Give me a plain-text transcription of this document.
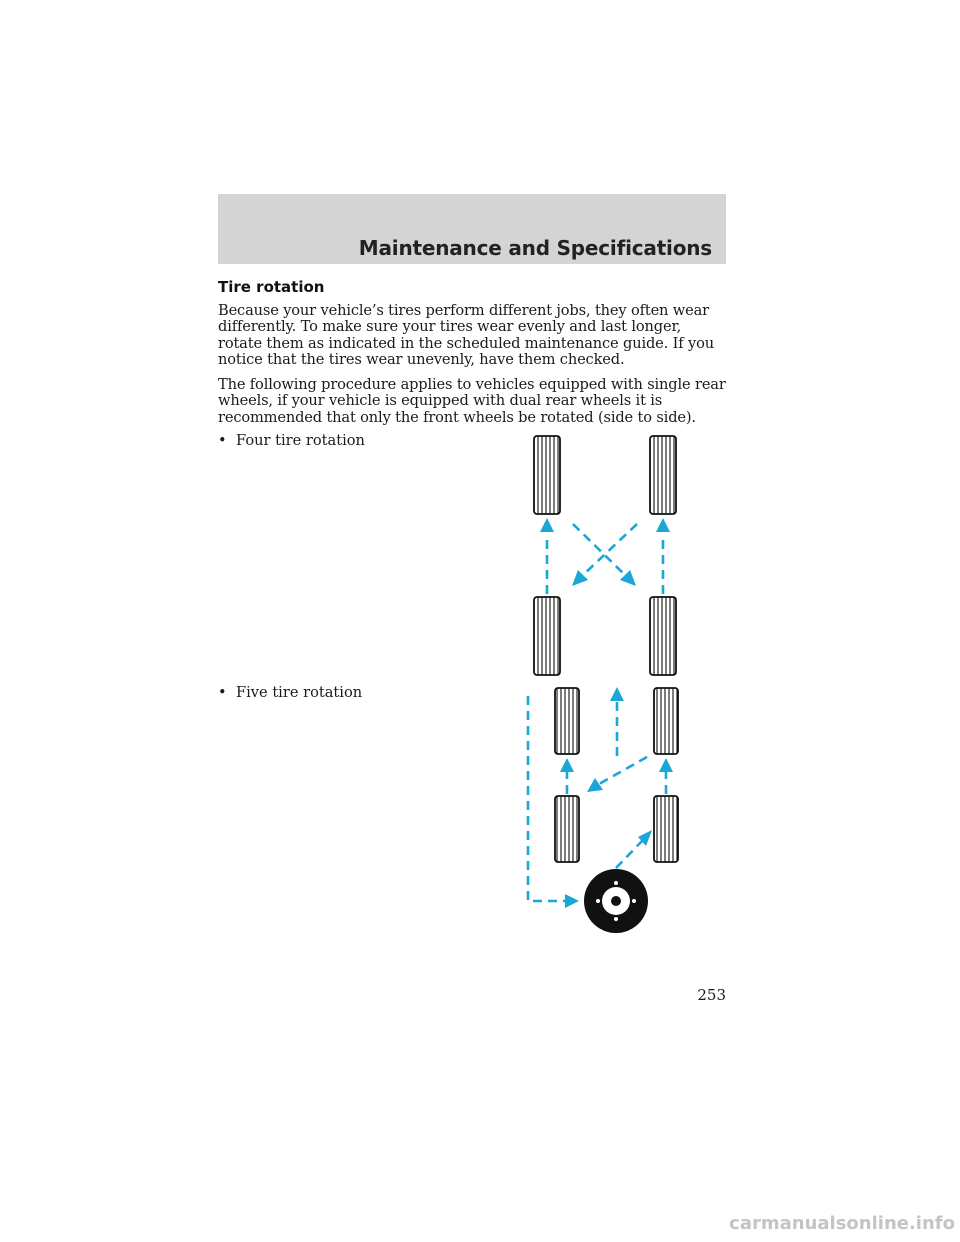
Maintenance and Specifications
Tire rotation
Because your vehicle’s tires perform different jobs, they often wear differently. To make sure your tires wear evenly and last longer, rotate them as indicated in the scheduled maintenance guide. If you notice that the tires wear unevenly, have them checked.
The following procedure applies to vehicles equipped with single rear wheels, if your vehicle is equipped with dual rear wheels it is recommended that only the front wheels be rotated (side to side).
• Four tire rotation
• Five tire rotation
253
carmanualsonline.info
